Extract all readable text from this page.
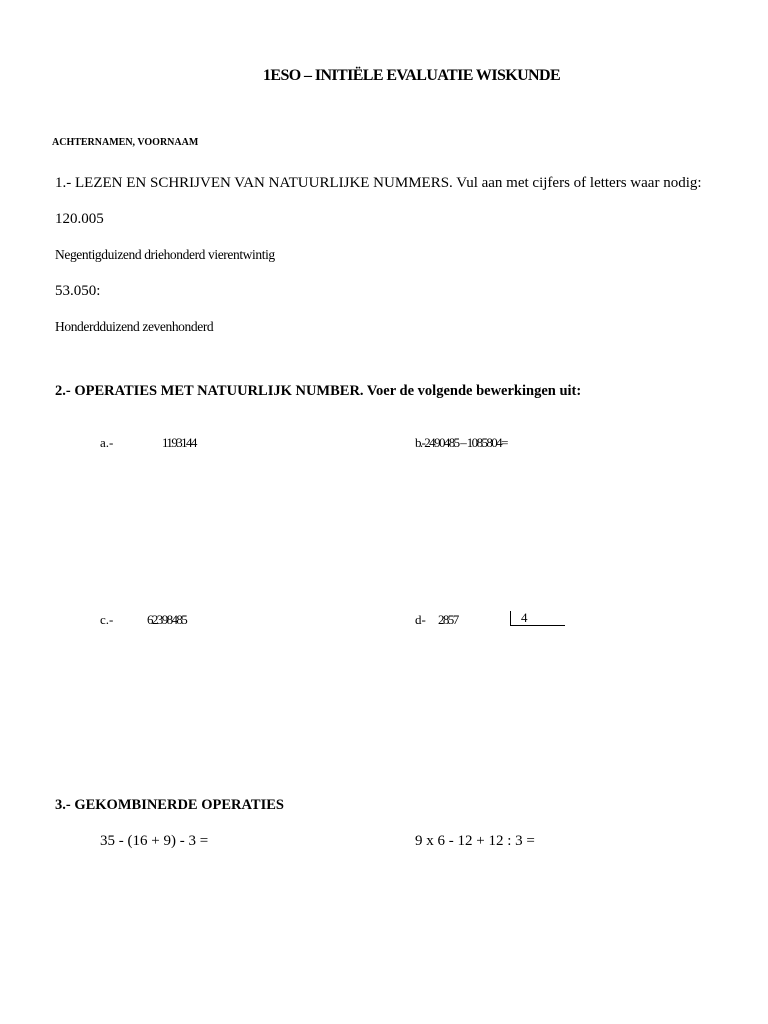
1ESO – INITIËLE EVALUATIE WISKUNDE
ACHTERNAMEN, VOORNAAM
1.- LEZEN EN SCHRIJVEN VAN NATUURLIJKE NUMMERS. Vul aan met cijfers of letters waar nodig:
120.005
Negentigduizend driehonderd vierentwintig
53.050:
Honderdduizend zevenhonderd
2.- OPERATIES MET NATUURLIJK NUMBER. Voer de volgende bewerkingen uit:
a.-	1193144	b.-2490485 – 1085804=
c.-	62398485	d- 2857	4
3.- GEKOMBINERDE OPERATIES
35 - (16 + 9) - 3 =	9 x 6 - 12 + 12 : 3 =
